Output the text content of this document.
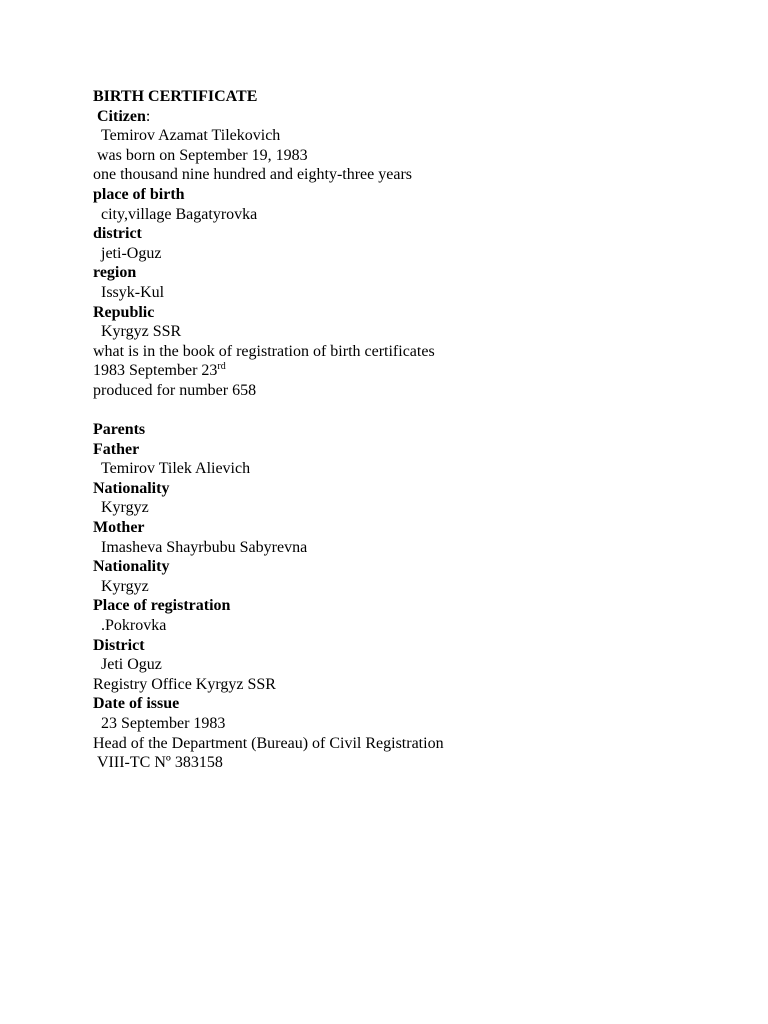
BIRTH CERTIFICATE
Citizen:
Temirov Azamat Tilekovich
was born on September 19, 1983
one thousand nine hundred and eighty-three years
place of birth
city,village Bagatyrovka
district
jeti-Oguz
region
Issyk-Kul
Republic
Kyrgyz SSR
what is in the book of registration of birth certificates
1983 September 23rd
produced for number 658
Parents
Father
Temirov Tilek Alievich
Nationality
Kyrgyz
Mother
Imasheva Shayrbubu Sabyrevna
Nationality
Kyrgyz
Place of registration
.Pokrovka
District
Jeti Oguz
Registry Office Kyrgyz SSR
Date of issue
23 September 1983
Head of the Department (Bureau) of Civil Registration
VIII-TC Nº 383158
